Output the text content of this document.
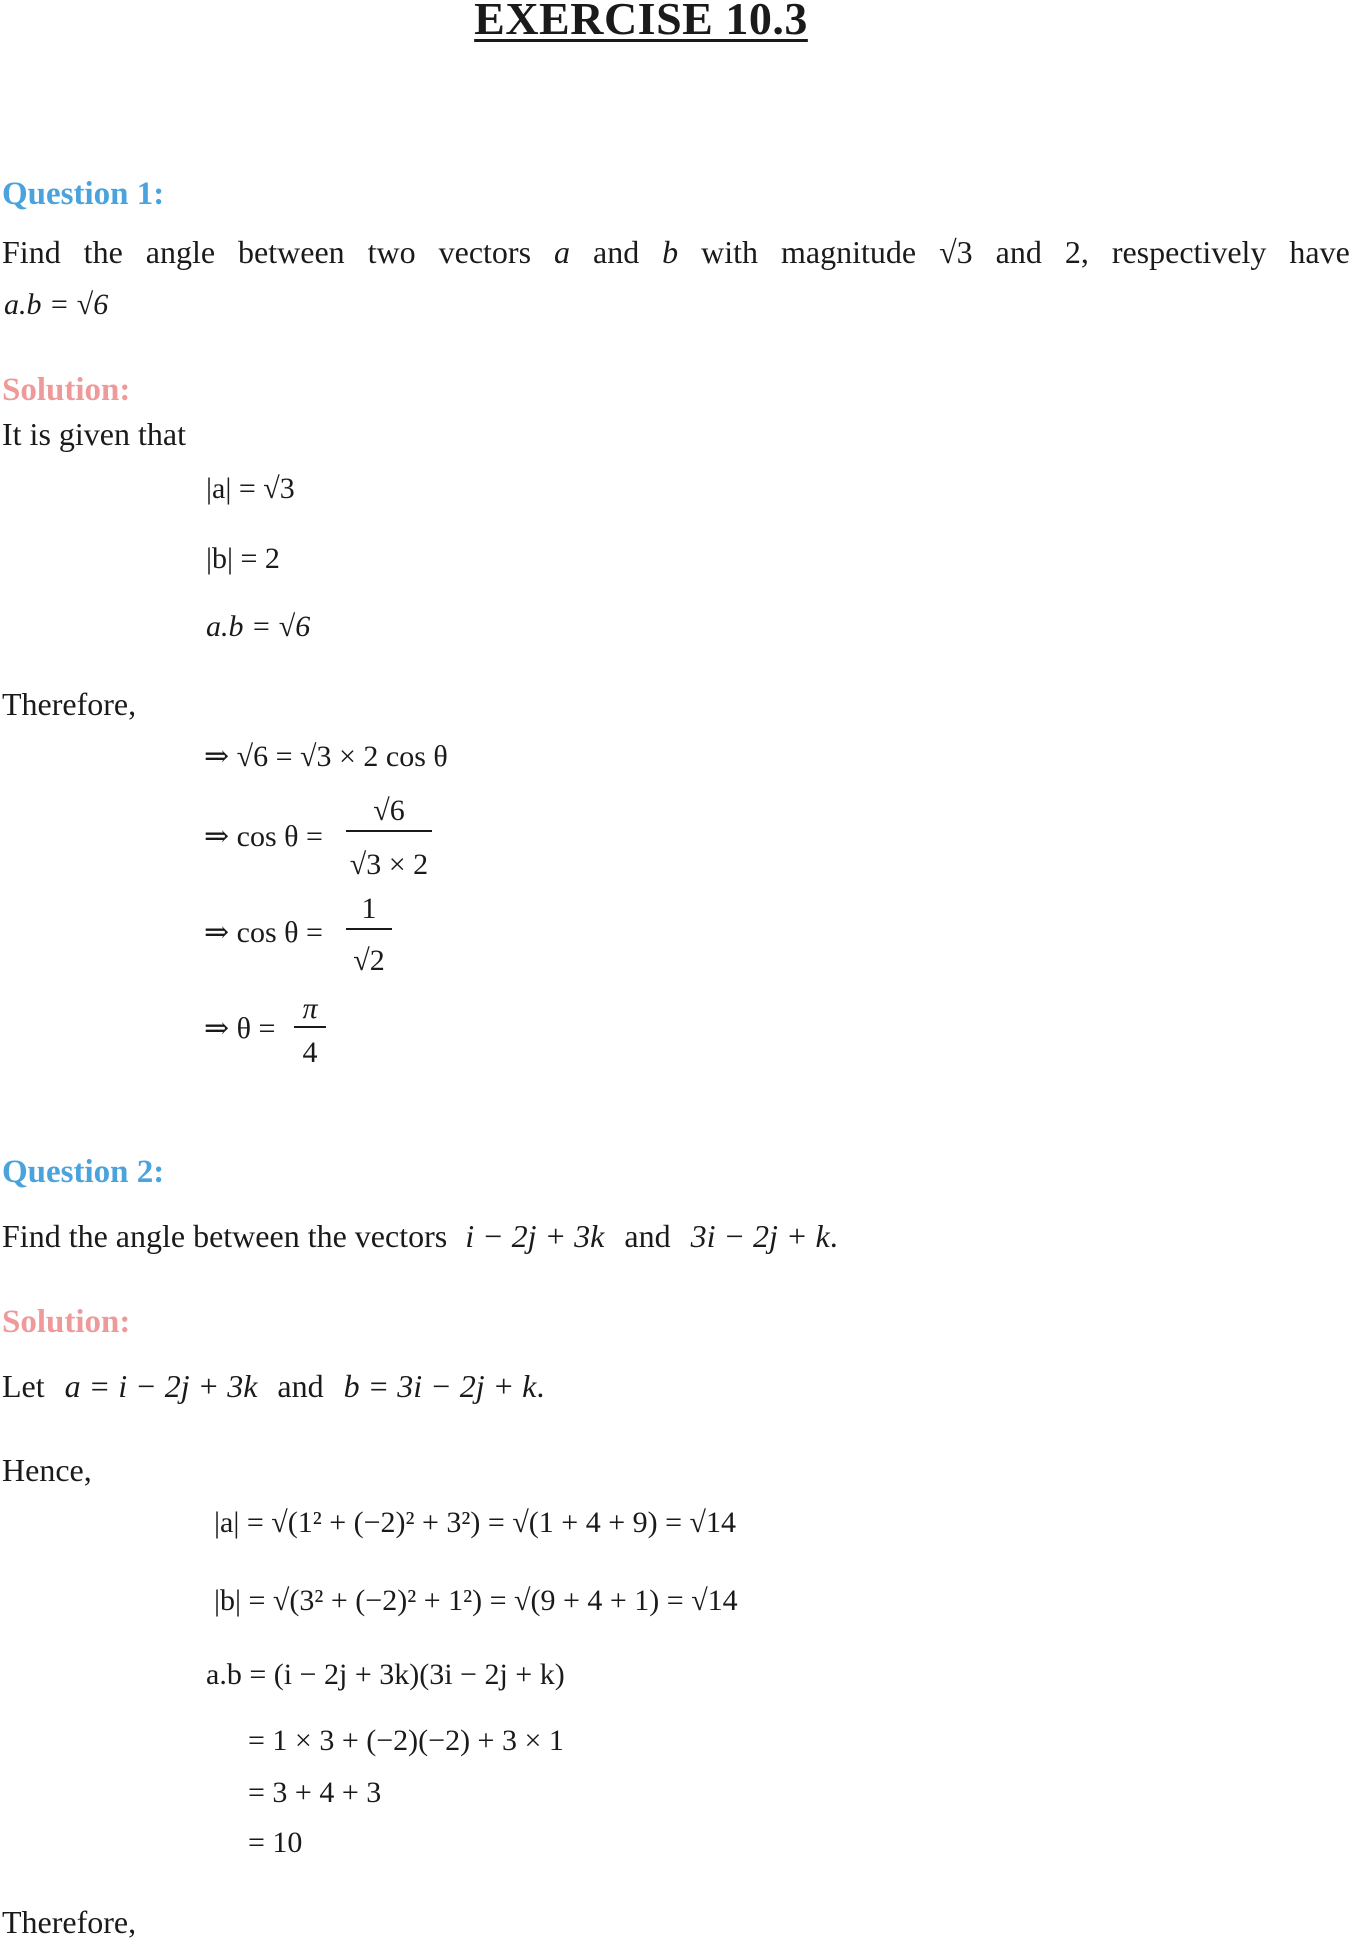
EXERCISE 10.3
Question 1:
Find the angle between two vectors a and b with magnitude √3 and 2, respectively have
a.b = √6
Solution:
It is given that
|a| = √3
|b| = 2
a.b = √6
Therefore,
⇒ √6 = √3 × 2 cos θ
⇒ cos θ =
√6
√3 × 2
⇒ cos θ =
1
√2
⇒ θ =
π
4
Question 2:
Find the angle between the vectors i − 2j + 3k and 3i − 2j + k.
Solution:
Let a = i − 2j + 3k and b = 3i − 2j + k.
Hence,
|a| = √(1² + (−2)² + 3²) = √(1 + 4 + 9) = √14
|b| = √(3² + (−2)² + 1²) = √(9 + 4 + 1) = √14
a.b = (i − 2j + 3k)(3i − 2j + k)
= 1 × 3 + (−2)(−2) + 3 × 1
= 3 + 4 + 3
= 10
Therefore,
